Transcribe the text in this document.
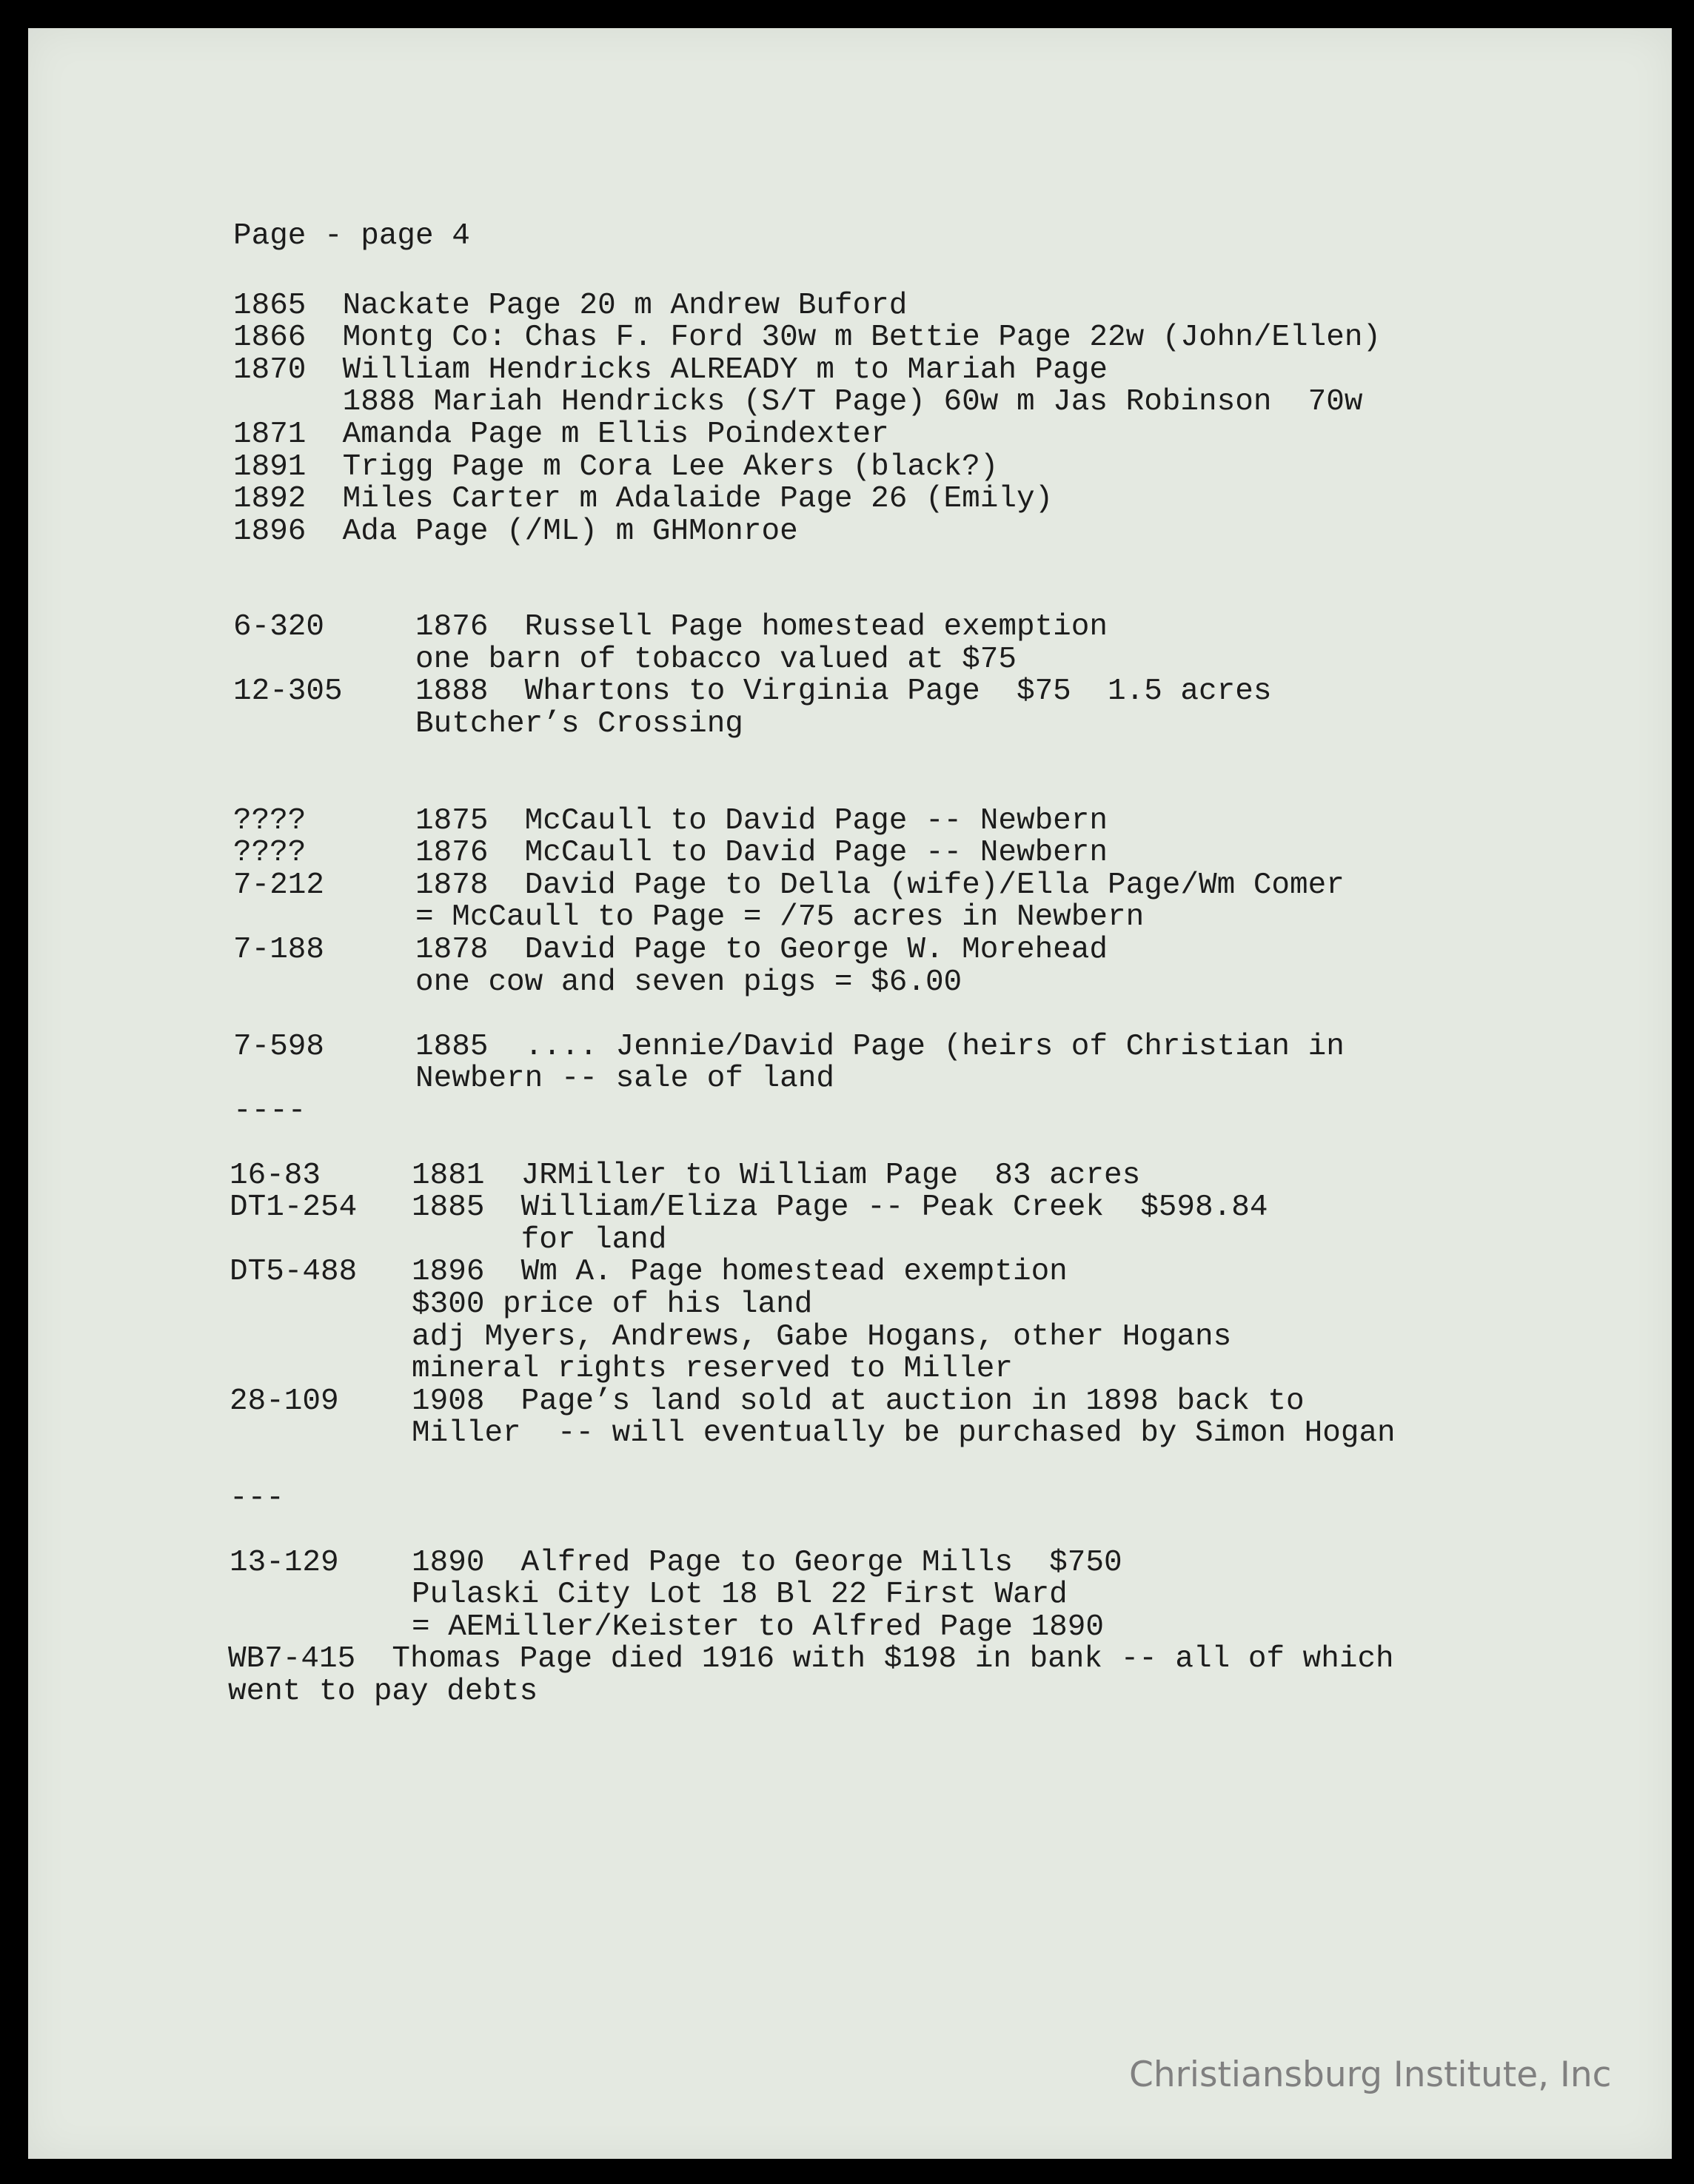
Page - page 4

1865  Nackate Page 20 m Andrew Buford

1866  Montg Co: Chas F. Ford 30w m Bettie Page 22w (John/Ellen)

1870  William Hendricks ALREADY m to Mariah Page

1888 Mariah Hendricks (S/T Page) 60w m Jas Robinson  70w

1871  Amanda Page m Ellis Poindexter

1891  Trigg Page m Cora Lee Akers (black?)

1892  Miles Carter m Adalaide Page 26 (Emily)

1896  Ada Page (/ML) m GHMonroe

6-320     1876  Russell Page homestead exemption

one barn of tobacco valued at $75

12-305    1888  Whartons to Virginia Page  $75  1.5 acres

Butcher’s Crossing

????      1875  McCaull to David Page -- Newbern

????      1876  McCaull to David Page -- Newbern

7-212     1878  David Page to Della (wife)/Ella Page/Wm Comer

= McCaull to Page = /75 acres in Newbern

7-188     1878  David Page to George W. Morehead

one cow and seven pigs = $6.00

7-598     1885  .... Jennie/David Page (heirs of Christian in

Newbern -- sale of land

----

16-83     1881  JRMiller to William Page  83 acres

DT1-254   1885  William/Eliza Page -- Peak Creek  $598.84

for land

DT5-488   1896  Wm A. Page homestead exemption

$300 price of his land

adj Myers, Andrews, Gabe Hogans, other Hogans

mineral rights reserved to Miller

28-109    1908  Page’s land sold at auction in 1898 back to

Miller  -- will eventually be purchased by Simon Hogan

---

13-129    1890  Alfred Page to George Mills  $750

Pulaski City Lot 18 Bl 22 First Ward

= AEMiller/Keister to Alfred Page 1890

WB7-415  Thomas Page died 1916 with $198 in bank -- all of which

went to pay debts

Christiansburg Institute, Inc
